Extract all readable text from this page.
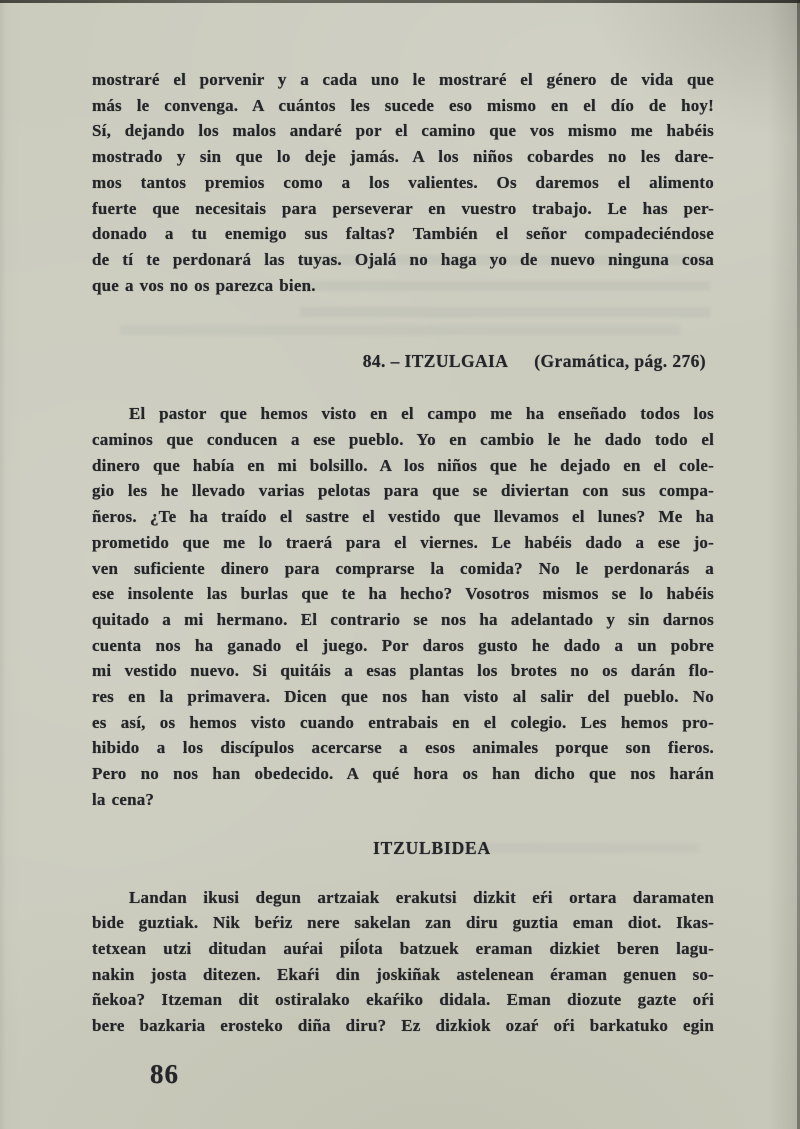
mostraré el porvenir y a cada uno le mostraré el género de vida que
más le convenga. A cuántos les sucede eso mismo en el dío de hoy!
Sí, dejando los malos andaré por el camino que vos mismo me habéis
mostrado y sin que lo deje jamás. A los niños cobardes no les dare-
mos tantos premios como a los valientes. Os daremos el alimento
fuerte que necesitais para perseverar en vuestro trabajo. Le has per-
donado a tu enemigo sus faltas? También el señor compadeciéndose
de tí te perdonará las tuyas. Ojalá no haga yo de nuevo ninguna cosa
que a vos no os parezca bien.
84. – ITZULGAIA (Gramática, pág. 276)
El pastor que hemos visto en el campo me ha enseñado todos los
caminos que conducen a ese pueblo. Yo en cambio le he dado todo el
dinero que había en mi bolsillo. A los niños que he dejado en el cole-
gio les he llevado varias pelotas para que se diviertan con sus compa-
ñeros. ¿Te ha traído el sastre el vestido que llevamos el lunes? Me ha
prometido que me lo traerá para el viernes. Le habéis dado a ese jo-
ven suficiente dinero para comprarse la comida? No le perdonarás a
ese insolente las burlas que te ha hecho? Vosotros mismos se lo habéis
quitado a mi hermano. El contrario se nos ha adelantado y sin darnos
cuenta nos ha ganado el juego. Por daros gusto he dado a un pobre
mi vestido nuevo. Si quitáis a esas plantas los brotes no os darán flo-
res en la primavera. Dicen que nos han visto al salir del pueblo. No
es así, os hemos visto cuando entrabais en el colegio. Les hemos pro-
hibido a los discípulos acercarse a esos animales porque son fieros.
Pero no nos han obedecido. A qué hora os han dicho que nos harán
la cena?
ITZULBIDEA
Landan ikusi degun artzaiak erakutsi dizkit eŕi ortara daramaten
bide guztiak. Nik beŕiz nere sakelan zan diru guztia eman diot. Ikas-
tetxean utzi ditudan auŕai piĺota batzuek eraman dizkiet beren lagu-
nakin josta ditezen. Ekaŕi din joskiñak astelenean éraman genuen so-
ñekoa? Itzeman dit ostiralako ekaŕiko didala. Eman diozute gazte oŕi
bere bazkaria erosteko diña diru? Ez dizkiok ozaŕ oŕi barkatuko egin
86
